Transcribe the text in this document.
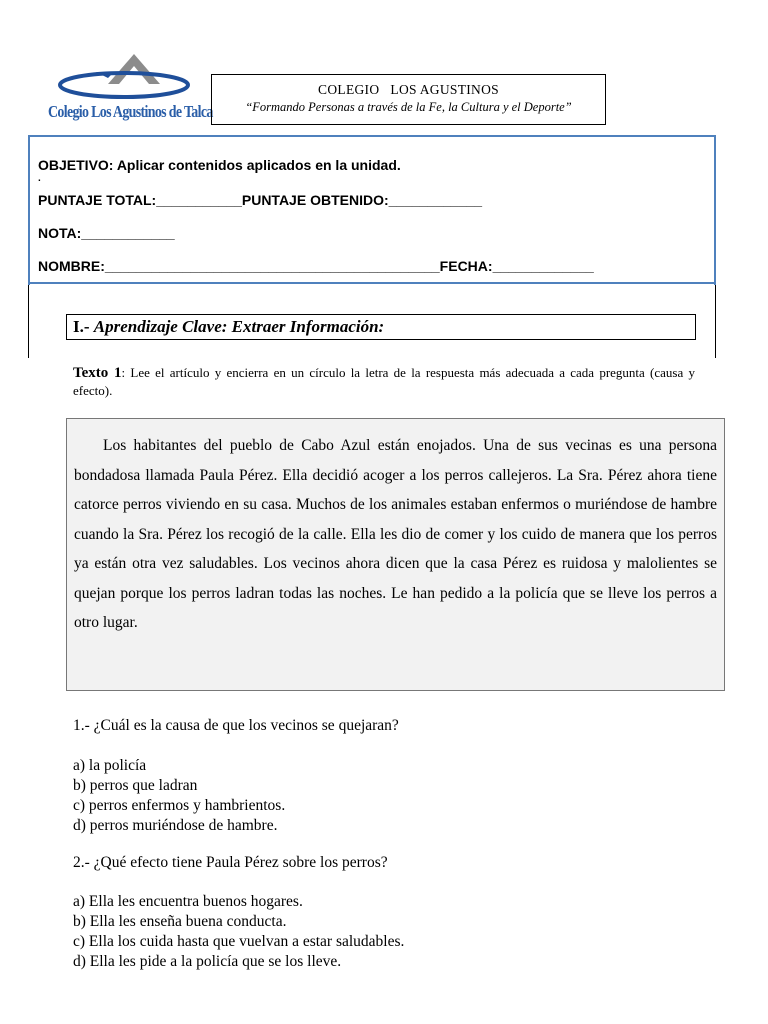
Colegio Los Agustinos de Talca
COLEGIO   LOS AGUSTINOS
“Formando Personas a través de la Fe, la Cultura y el Deporte”
OBJETIVO: Aplicar contenidos aplicados en la unidad.
.
PUNTAJE TOTAL:___________PUNTAJE OBTENIDO:____________
NOTA:____________
NOMBRE:___________________________________________FECHA:_____________
I.- Aprendizaje Clave: Extraer Información:
Texto 1: Lee el artículo y encierra en un círculo la letra de la respuesta más adecuada a cada pregunta (causa y efecto).

Los habitantes del pueblo de Cabo Azul están enojados. Una de sus vecinas es una persona bondadosa llamada Paula Pérez. Ella decidió acoger a los perros callejeros. La Sra. Pérez ahora tiene catorce perros viviendo en su casa. Muchos de los animales estaban enfermos o muriéndose de hambre cuando la Sra. Pérez los recogió de la calle. Ella les dio de comer y los cuido de manera que los perros ya están otra vez saludables. Los vecinos ahora dicen que la casa Pérez es ruidosa y malolientes se quejan porque los perros ladran todas las noches. Le han pedido a la policía que se lleve los perros a otro lugar.

1.- ¿Cuál es la causa de que los vecinos se quejaran?
a) la policía
b) perros que ladran
c) perros enfermos y hambrientos.
d) perros muriéndose de hambre.
2.- ¿Qué efecto tiene Paula Pérez sobre los perros?
a) Ella les encuentra buenos hogares.
b) Ella les enseña buena conducta.
c) Ella los cuida hasta que vuelvan a estar saludables.
d) Ella les pide a la policía que se los lleve.
